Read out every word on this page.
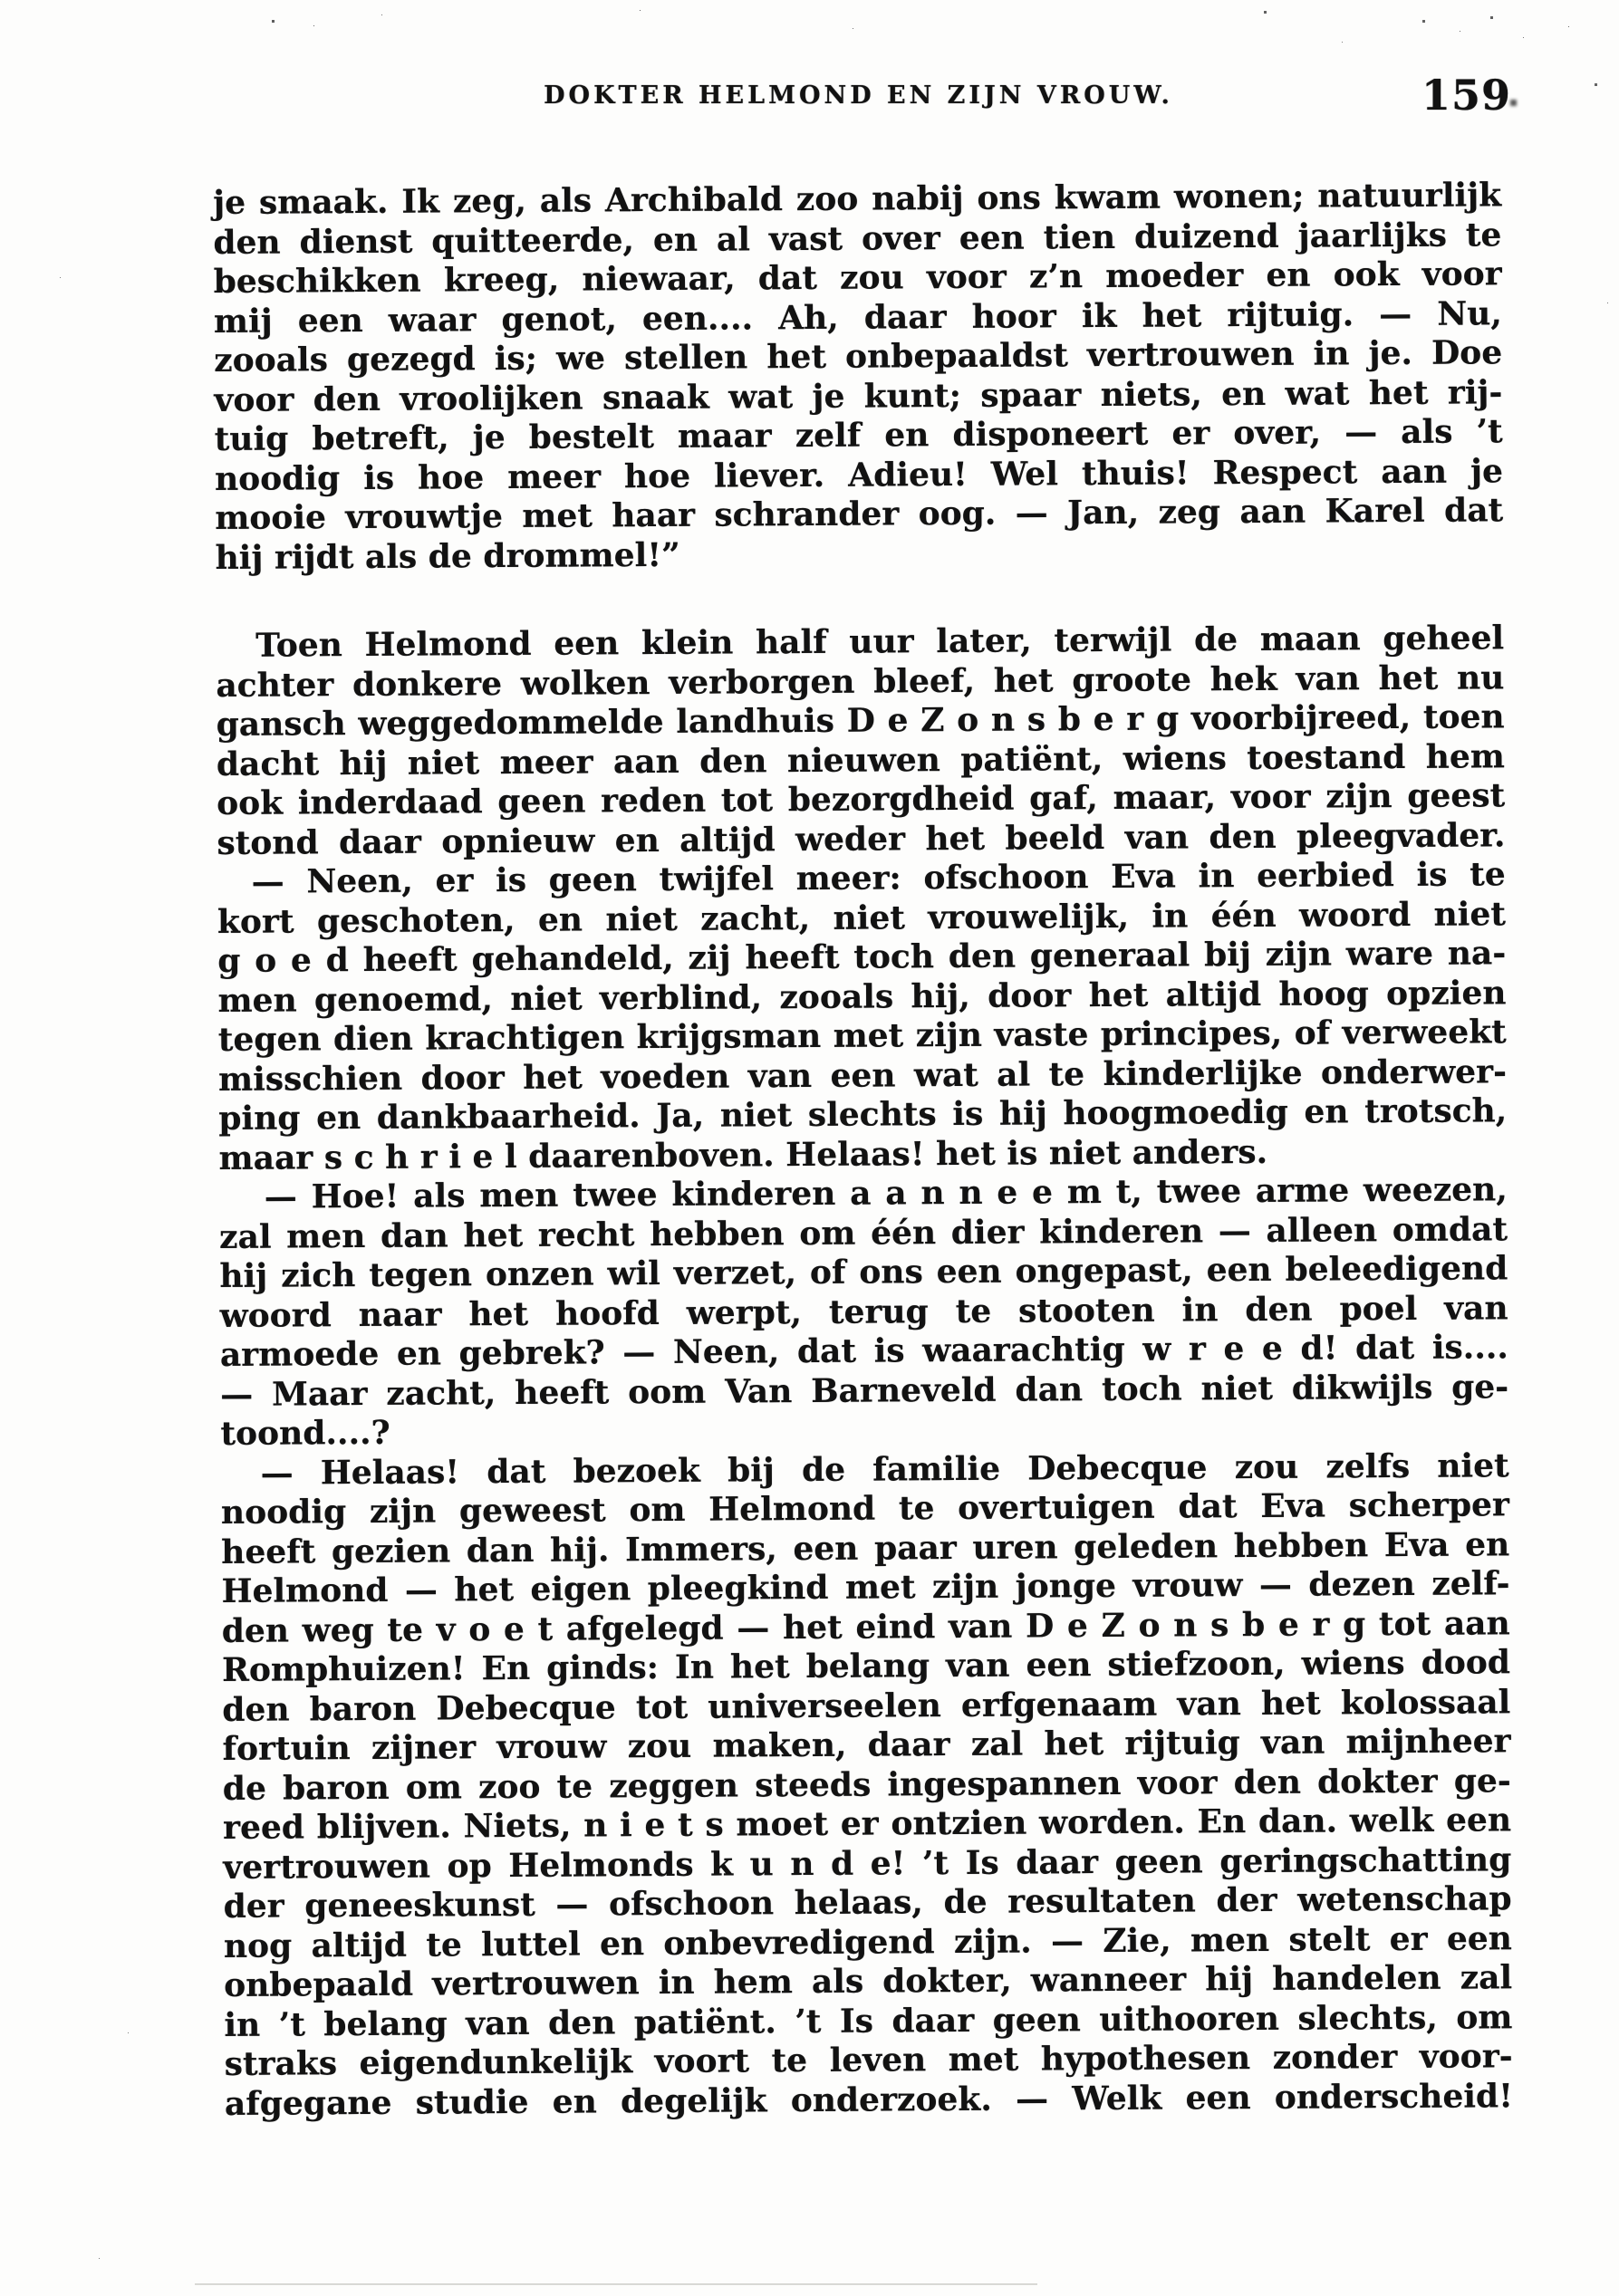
DOKTER HELMOND EN ZIJN VROUW.	159
je smaak. Ik zeg, als Archibald zoo nabij ons kwam wonen; natuurlijk
den dienst quitteerde, en al vast over een tien duizend jaarlijks te
beschikken kreeg, niewaar, dat zou voor z’n moeder en ook voor
mij een waar genot, een.... Ah, daar hoor ik het rijtuig. — Nu,
zooals gezegd is; we stellen het onbepaaldst vertrouwen in je. Doe
voor den vroolijken snaak wat je kunt; spaar niets, en wat het rij-
tuig betreft, je bestelt maar zelf en disponeert er over, — als ’t
noodig is hoe meer hoe liever. Adieu! Wel thuis! Respect aan je
mooie vrouwtje met haar schrander oog. — Jan, zeg aan Karel dat
hij rijdt als de drommel!”
Toen Helmond een klein half uur later, terwijl de maan geheel
achter donkere wolken verborgen bleef, het groote hek van het nu
gansch weggedommelde landhuis D e Z o n s b e r g voorbijreed, toen
dacht hij niet meer aan den nieuwen patiënt, wiens toestand hem
ook inderdaad geen reden tot bezorgdheid gaf, maar, voor zijn geest
stond daar opnieuw en altijd weder het beeld van den pleegvader.
— Neen, er is geen twijfel meer: ofschoon Eva in eerbied is te
kort geschoten, en niet zacht, niet vrouwelijk, in één woord niet
g o e d heeft gehandeld, zij heeft toch den generaal bij zijn ware na-
men genoemd, niet verblind, zooals hij, door het altijd hoog opzien
tegen dien krachtigen krijgsman met zijn vaste principes, of verweekt
misschien door het voeden van een wat al te kinderlijke onderwer-
ping en dankbaarheid. Ja, niet slechts is hij hoogmoedig en trotsch,
maar s c h r i e l daarenboven. Helaas! het is niet anders.
— Hoe! als men twee kinderen a a n n e e m t, twee arme weezen,
zal men dan het recht hebben om één dier kinderen — alleen omdat
hij zich tegen onzen wil verzet, of ons een ongepast, een beleedigend
woord naar het hoofd werpt, terug te stooten in den poel van
armoede en gebrek? — Neen, dat is waarachtig w r e e d! dat is....
— Maar zacht, heeft oom Van Barneveld dan toch niet dikwijls ge-
toond....?
— Helaas! dat bezoek bij de familie Debecque zou zelfs niet
noodig zijn geweest om Helmond te overtuigen dat Eva scherper
heeft gezien dan hij. Immers, een paar uren geleden hebben Eva en
Helmond — het eigen pleegkind met zijn jonge vrouw — dezen zelf-
den weg te v o e t afgelegd — het eind van D e Z o n s b e r g tot aan
Romphuizen! En ginds: In het belang van een stiefzoon, wiens dood
den baron Debecque tot universeelen erfgenaam van het kolossaal
fortuin zijner vrouw zou maken, daar zal het rijtuig van mijnheer
de baron om zoo te zeggen steeds ingespannen voor den dokter ge-
reed blijven. Niets, n i e t s moet er ontzien worden. En dan. welk een
vertrouwen op Helmonds k u n d e! ’t Is daar geen geringschatting
der geneeskunst — ofschoon helaas, de resultaten der wetenschap
nog altijd te luttel en onbevredigend zijn. — Zie, men stelt er een
onbepaald vertrouwen in hem als dokter, wanneer hij handelen zal
in ’t belang van den patiënt. ’t Is daar geen uithooren slechts, om
straks eigendunkelijk voort te leven met hypothesen zonder voor-
afgegane studie en degelijk onderzoek. — Welk een onderscheid!
